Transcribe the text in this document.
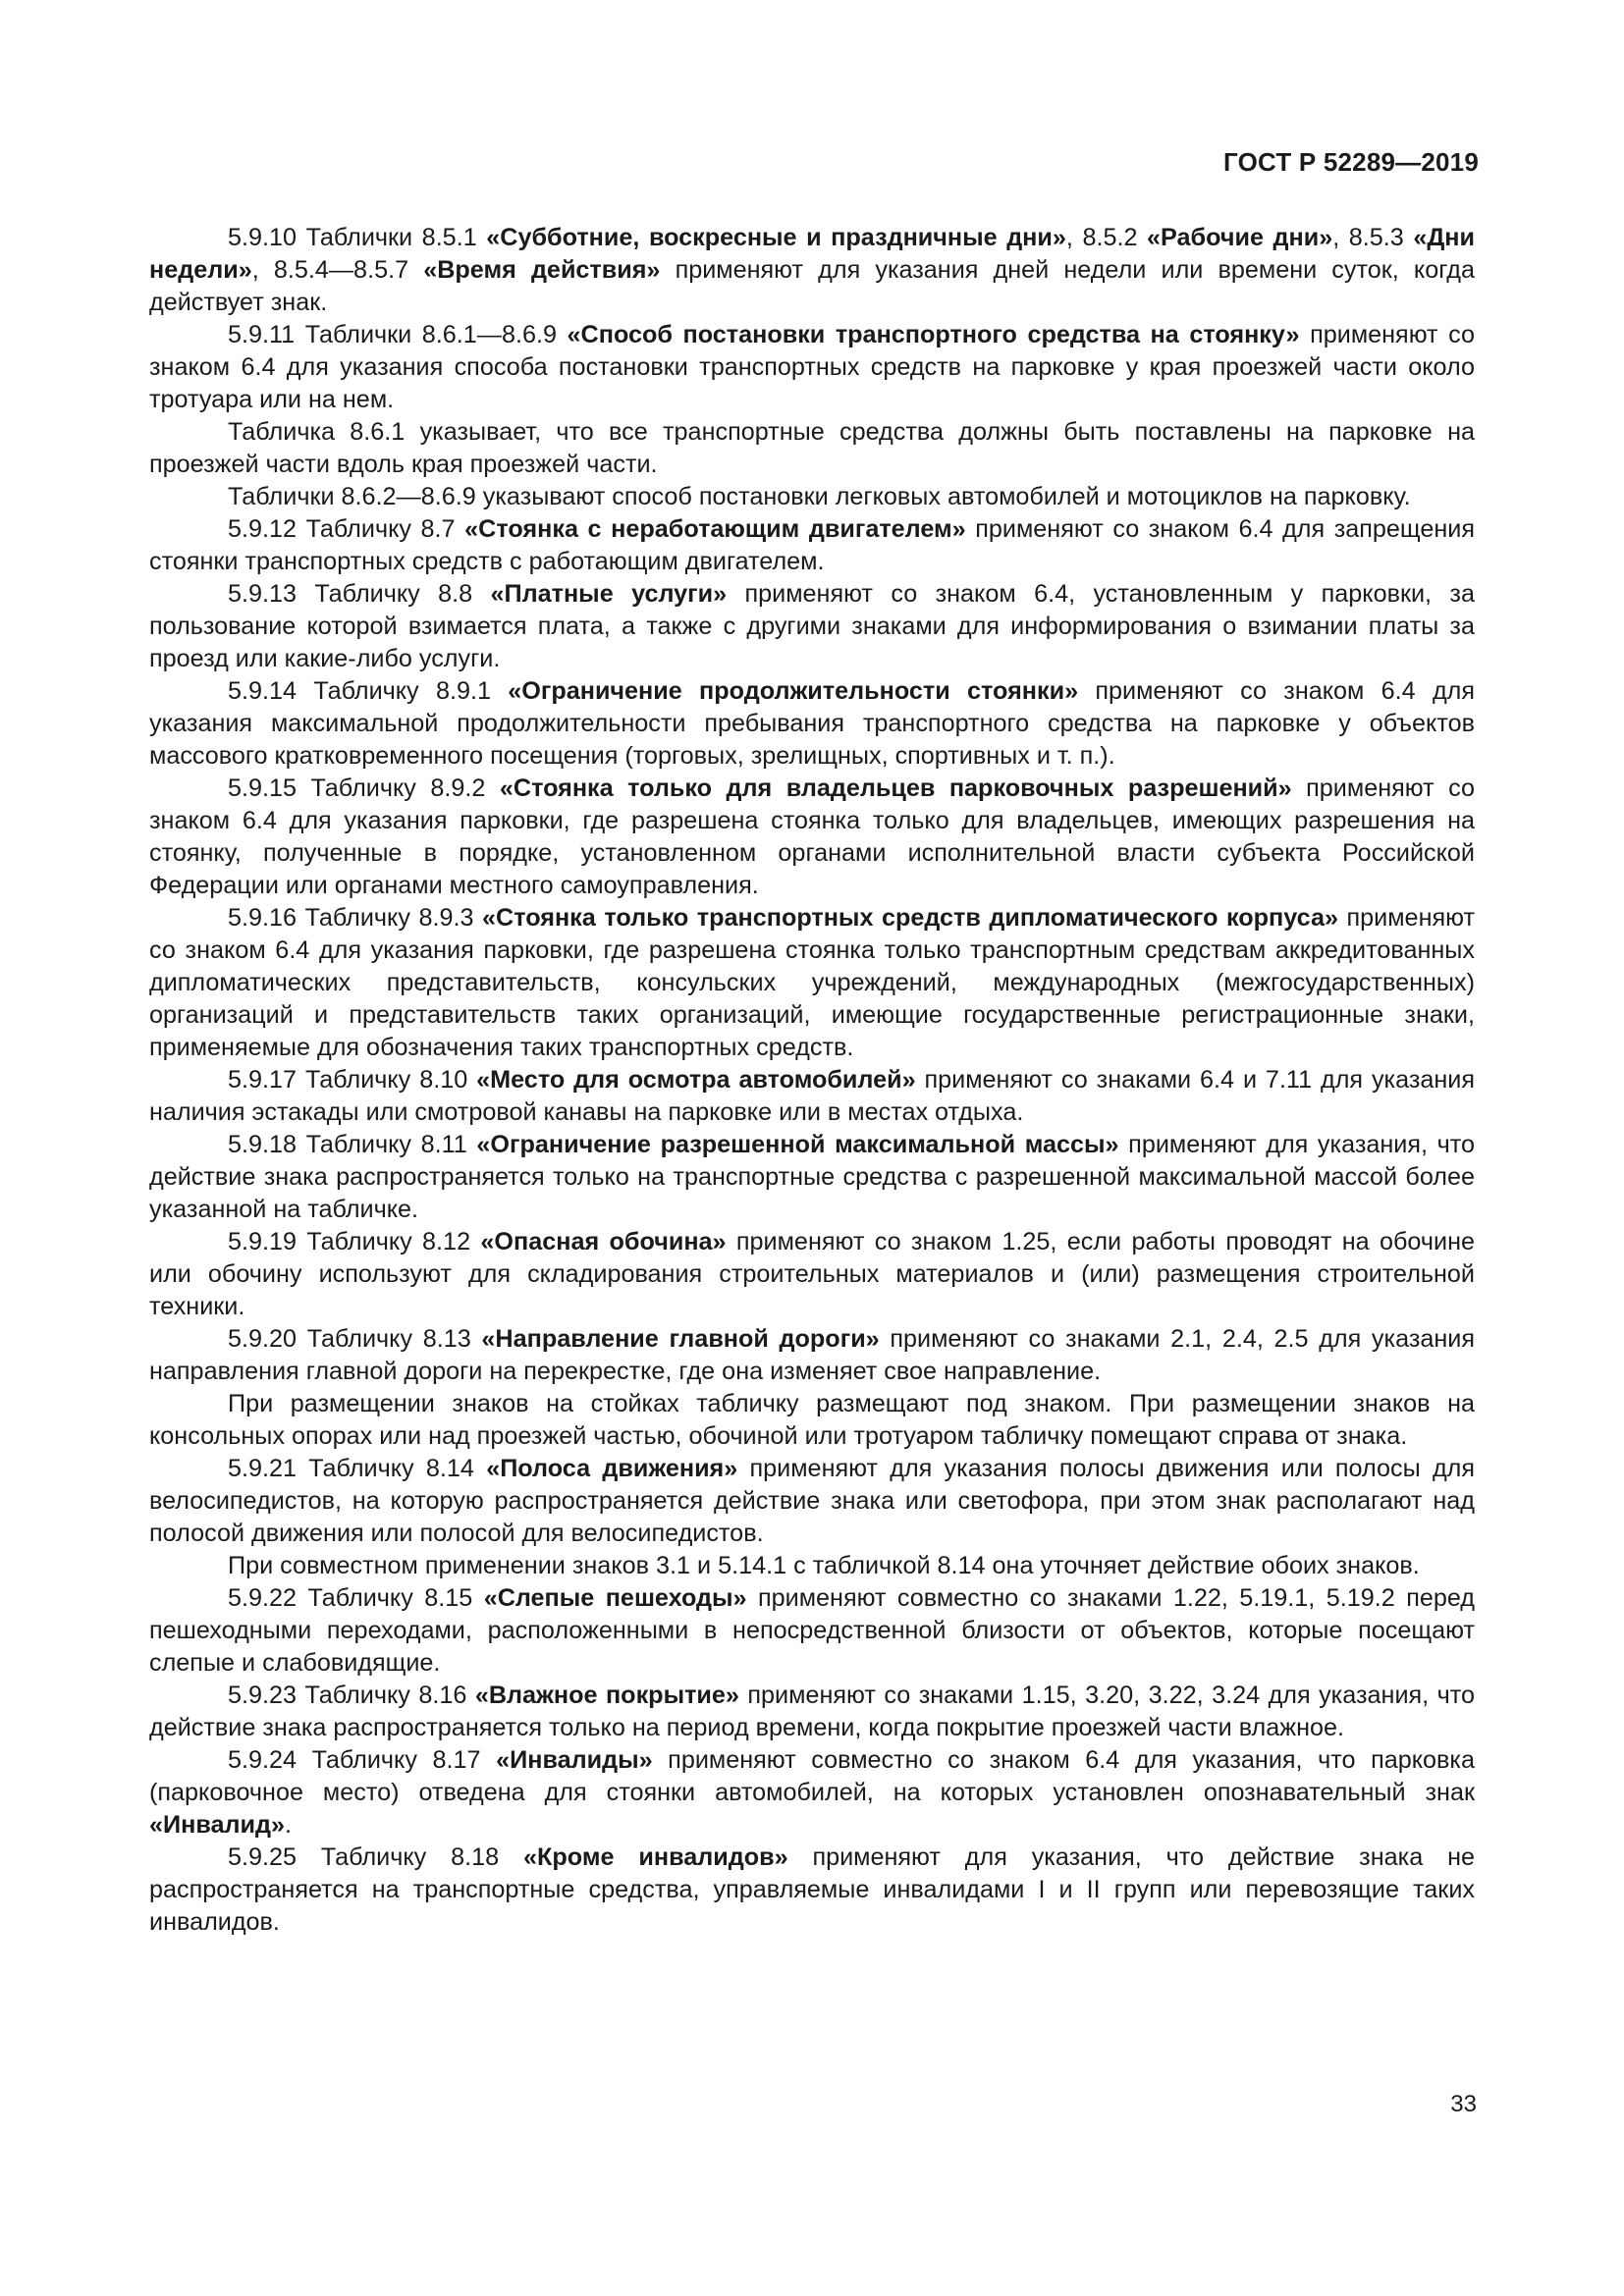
ГОСТ Р 52289—2019

5.9.10 Таблички 8.5.1 «Субботние, воскресные и праздничные дни», 8.5.2 «Рабочие дни», 8.5.3 «Дни недели», 8.5.4—8.5.7 «Время действия» применяют для указания дней недели или времени суток, когда действует знак.

5.9.11 Таблички 8.6.1—8.6.9 «Способ постановки транспортного средства на стоянку» применяют со знаком 6.4 для указания способа постановки транспортных средств на парковке у края проезжей части около тротуара или на нем.

Табличка 8.6.1 указывает, что все транспортные средства должны быть поставлены на парковке на проезжей части вдоль края проезжей части.

Таблички 8.6.2—8.6.9 указывают способ постановки легковых автомобилей и мотоциклов на парковку.

5.9.12 Табличку 8.7 «Стоянка с неработающим двигателем» применяют со знаком 6.4 для запрещения стоянки транспортных средств с работающим двигателем.

5.9.13 Табличку 8.8 «Платные услуги» применяют со знаком 6.4, установленным у парковки, за пользование которой взимается плата, а также с другими знаками для информирования о взимании платы за проезд или какие-либо услуги.

5.9.14 Табличку 8.9.1 «Ограничение продолжительности стоянки» применяют со знаком 6.4 для указания максимальной продолжительности пребывания транспортного средства на парковке у объектов массового кратковременного посещения (торговых, зрелищных, спортивных и т. п.).

5.9.15 Табличку 8.9.2 «Стоянка только для владельцев парковочных разрешений» применяют со знаком 6.4 для указания парковки, где разрешена стоянка только для владельцев, имеющих разрешения на стоянку, полученные в порядке, установленном органами исполнительной власти субъекта Российской Федерации или органами местного самоуправления.

5.9.16 Табличку 8.9.3 «Стоянка только транспортных средств дипломатического корпуса» применяют со знаком 6.4 для указания парковки, где разрешена стоянка только транспортным средствам аккредитованных дипломатических представительств, консульских учреждений, международных (межгосударственных) организаций и представительств таких организаций, имеющие государственные регистрационные знаки, применяемые для обозначения таких транспортных средств.

5.9.17 Табличку 8.10 «Место для осмотра автомобилей» применяют со знаками 6.4 и 7.11 для указания наличия эстакады или смотровой канавы на парковке или в местах отдыха.

5.9.18 Табличку 8.11 «Ограничение разрешенной максимальной массы» применяют для указания, что действие знака распространяется только на транспортные средства с разрешенной максимальной массой более указанной на табличке.

5.9.19 Табличку 8.12 «Опасная обочина» применяют со знаком 1.25, если работы проводят на обочине или обочину используют для складирования строительных материалов и (или) размещения строительной техники.

5.9.20 Табличку 8.13 «Направление главной дороги» применяют со знаками 2.1, 2.4, 2.5 для указания направления главной дороги на перекрестке, где она изменяет свое направление.

При размещении знаков на стойках табличку размещают под знаком. При размещении знаков на консольных опорах или над проезжей частью, обочиной или тротуаром табличку помещают справа от знака.

5.9.21 Табличку 8.14 «Полоса движения» применяют для указания полосы движения или полосы для велосипедистов, на которую распространяется действие знака или светофора, при этом знак располагают над полосой движения или полосой для велосипедистов.

При совместном применении знаков 3.1 и 5.14.1 с табличкой 8.14 она уточняет действие обоих знаков.

5.9.22 Табличку 8.15 «Слепые пешеходы» применяют совместно со знаками 1.22, 5.19.1, 5.19.2 перед пешеходными переходами, расположенными в непосредственной близости от объектов, которые посещают слепые и слабовидящие.

5.9.23 Табличку 8.16 «Влажное покрытие» применяют со знаками 1.15, 3.20, 3.22, 3.24 для указания, что действие знака распространяется только на период времени, когда покрытие проезжей части влажное.

5.9.24 Табличку 8.17 «Инвалиды» применяют совместно со знаком 6.4 для указания, что парковка (парковочное место) отведена для стоянки автомобилей, на которых установлен опознавательный знак «Инвалид».

5.9.25 Табличку 8.18 «Кроме инвалидов» применяют для указания, что действие знака не распространяется на транспортные средства, управляемые инвалидами I и II групп или перевозящие таких инвалидов.

33
